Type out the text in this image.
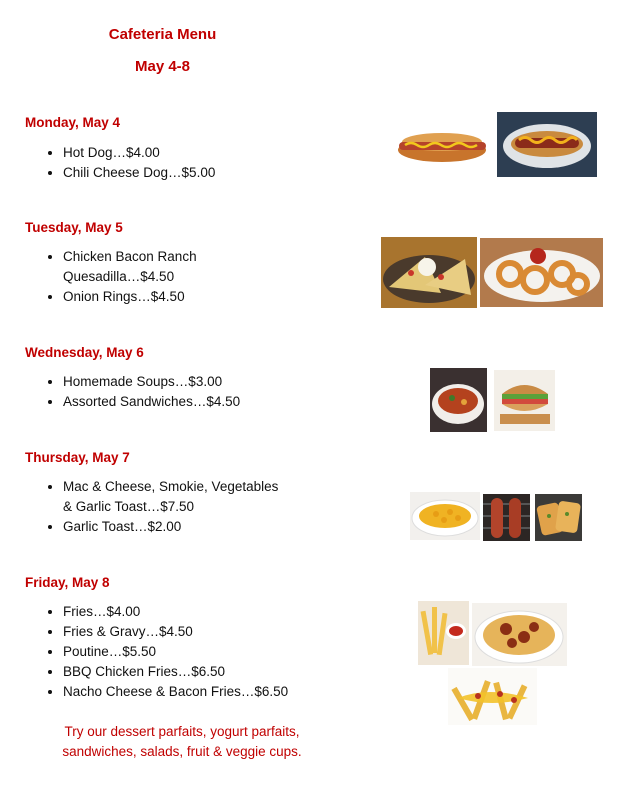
Cafeteria Menu
May 4-8
Monday, May 4
• Hot Dog…$4.00
• Chili Cheese Dog…$5.00
Tuesday, May 5
• Chicken Bacon Ranch Quesadilla…$4.50
• Onion Rings…$4.50
Wednesday, May 6
• Homemade Soups…$3.00
• Assorted Sandwiches…$4.50
Thursday, May 7
• Mac & Cheese, Smokie, Vegetables & Garlic Toast…$7.50
• Garlic Toast…$2.00
Friday, May 8
• Fries…$4.00
• Fries & Gravy…$4.50
• Poutine…$5.50
• BBQ Chicken Fries…$6.50
• Nacho Cheese & Bacon Fries…$6.50
Try our dessert parfaits, yogurt parfaits, sandwiches, salads, fruit & veggie cups.
